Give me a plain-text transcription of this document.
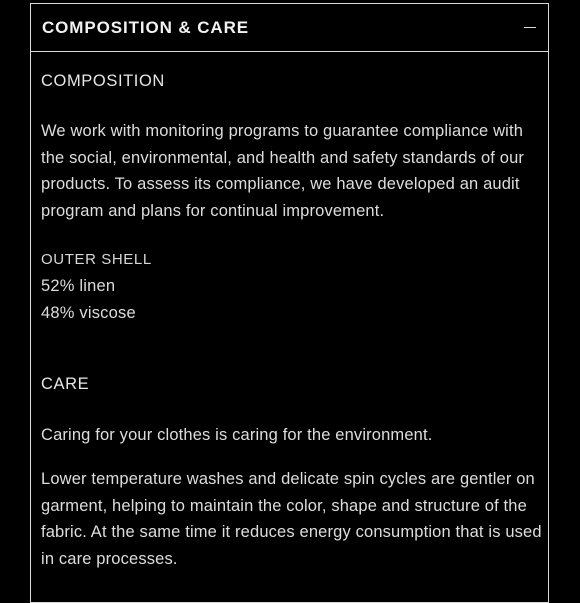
COMPOSITION & CARE
COMPOSITION

We work with monitoring programs to guarantee compliance with the social, environmental, and health and safety standards of our products. To assess its compliance, we have developed an audit program and plans for continual improvement.

OUTER SHELL
52% linen
48% viscose
CARE

Caring for your clothes is caring for the environment.

Lower temperature washes and delicate spin cycles are gentler on garment, helping to maintain the color, shape and structure of the fabric. At the same time it reduces energy consumption that is used in care processes.
